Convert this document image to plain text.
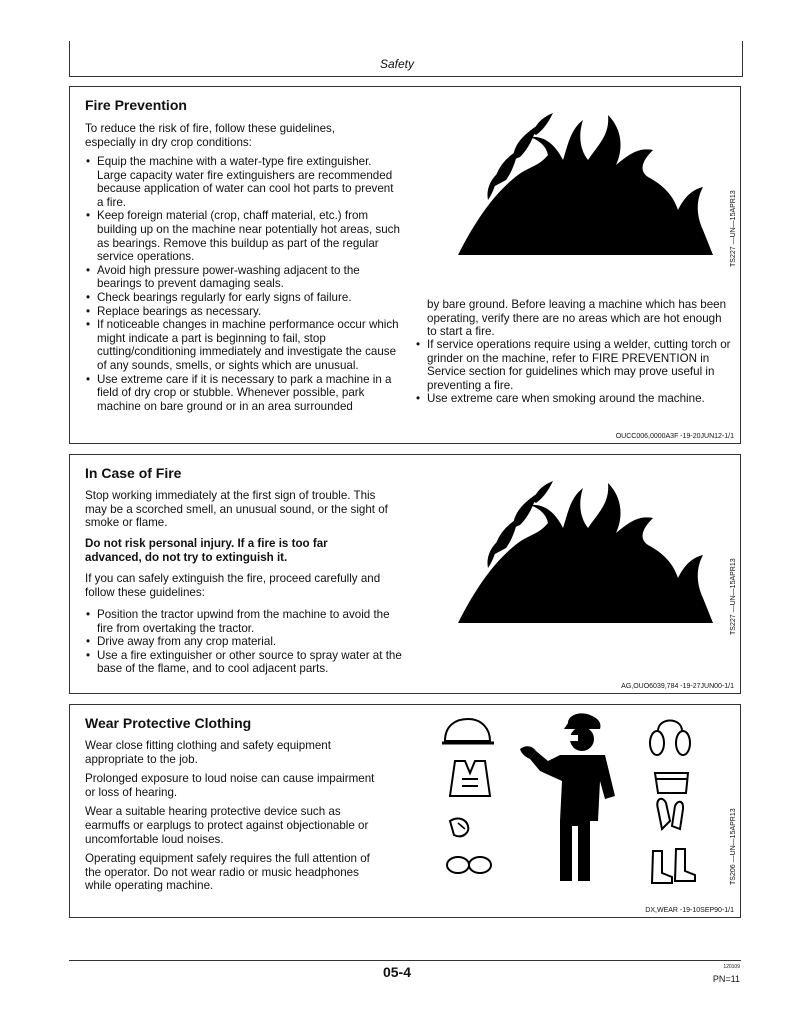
Safety
Fire Prevention
To reduce the risk of fire, follow these guidelines, especially in dry crop conditions:
• Equip the machine with a water-type fire extinguisher. Large capacity water fire extinguishers are recommended because application of water can cool hot parts to prevent a fire.
• Keep foreign material (crop, chaff material, etc.) from building up on the machine near potentially hot areas, such as bearings. Remove this buildup as part of the regular service operations.
• Avoid high pressure power-washing adjacent to the bearings to prevent damaging seals.
• Check bearings regularly for early signs of failure.
• Replace bearings as necessary.
• If noticeable changes in machine performance occur which might indicate a part is beginning to fail, stop cutting/conditioning immediately and investigate the cause of any sounds, smells, or sights which are unusual.
• Use extreme care if it is necessary to park a machine in a field of dry crop or stubble. Whenever possible, park machine on bare ground or in an area surrounded
TS227 —UN—15APR13
by bare ground. Before leaving a machine which has been operating, verify there are no areas which are hot enough to start a fire.
• If service operations require using a welder, cutting torch or grinder on the machine, refer to FIRE PREVENTION in Service section for guidelines which may prove useful in preventing a fire.
• Use extreme care when smoking around the machine.
OUCC006,0000A3F -19-20JUN12-1/1
In Case of Fire
Stop working immediately at the first sign of trouble. This may be a scorched smell, an unusual sound, or the sight of smoke or flame.
Do not risk personal injury. If a fire is too far advanced, do not try to extinguish it.
If you can safely extinguish the fire, proceed carefully and follow these guidelines:
• Position the tractor upwind from the machine to avoid the fire from overtaking the tractor.
• Drive away from any crop material.
• Use a fire extinguisher or other source to spray water at the base of the flame, and to cool adjacent parts.
TS227 —UN—15APR13
AG,OUO6039,784 -19-27JUN00-1/1
Wear Protective Clothing

Wear close fitting clothing and safety equipment appropriate to the job.

Prolonged exposure to loud noise can cause impairment or loss of hearing.

Wear a suitable hearing protective device such as earmuffs or earplugs to protect against objectionable or uncomfortable loud noises.

Operating equipment safely requires the full attention of the operator. Do not wear radio or music headphones while operating machine.

TS206 —UN—15APR13
DX,WEAR -19-10SEP90-1/1
05-4	120109
PN=11
